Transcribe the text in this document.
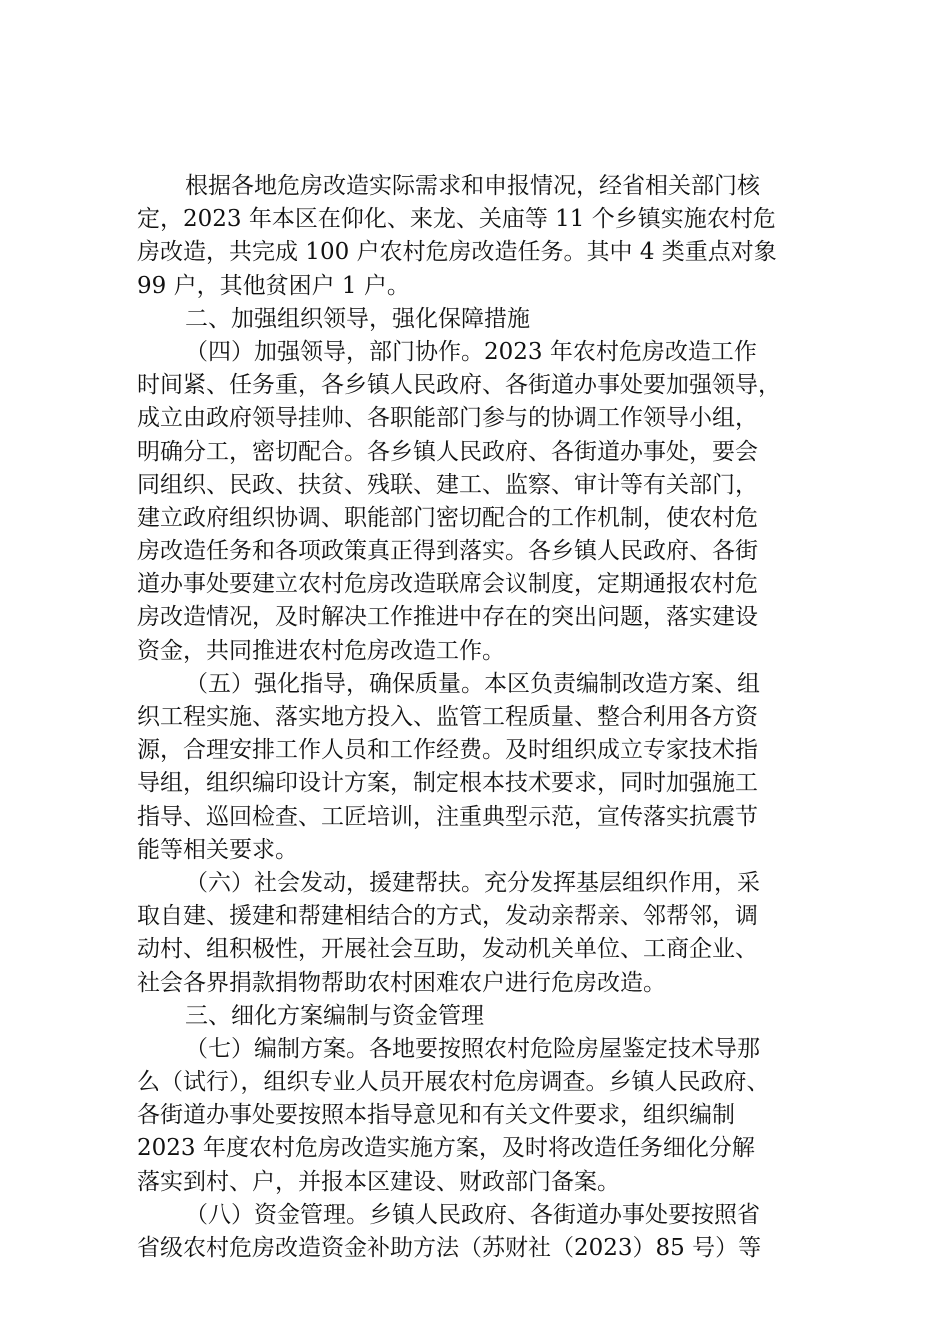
根据各地危房改造实际需求和申报情况，经省相关部门核
定，2023 年本区在仰化、来龙、关庙等 11 个乡镇实施农村危
房改造，共完成 100 户农村危房改造任务。其中 4 类重点对象
99 户，其他贫困户 1 户。
二、加强组织领导，强化保障措施
（四）加强领导，部门协作。2023 年农村危房改造工作
时间紧、任务重，各乡镇人民政府、各街道办事处要加强领导，
成立由政府领导挂帅、各职能部门参与的协调工作领导小组，
明确分工，密切配合。各乡镇人民政府、各街道办事处，要会
同组织、民政、扶贫、残联、建工、监察、审计等有关部门，
建立政府组织协调、职能部门密切配合的工作机制，使农村危
房改造任务和各项政策真正得到落实。各乡镇人民政府、各街
道办事处要建立农村危房改造联席会议制度，定期通报农村危
房改造情况，及时解决工作推进中存在的突出问题，落实建设
资金，共同推进农村危房改造工作。
（五）强化指导，确保质量。本区负责编制改造方案、组
织工程实施、落实地方投入、监管工程质量、整合利用各方资
源，合理安排工作人员和工作经费。及时组织成立专家技术指
导组，组织编印设计方案，制定根本技术要求，同时加强施工
指导、巡回检查、工匠培训，注重典型示范，宣传落实抗震节
能等相关要求。
（六）社会发动，援建帮扶。充分发挥基层组织作用，采
取自建、援建和帮建相结合的方式，发动亲帮亲、邻帮邻，调
动村、组积极性，开展社会互助，发动机关单位、工商企业、
社会各界捐款捐物帮助农村困难农户进行危房改造。
三、细化方案编制与资金管理
（七）编制方案。各地要按照农村危险房屋鉴定技术导那
么（试行），组织专业人员开展农村危房调查。乡镇人民政府、
各街道办事处要按照本指导意见和有关文件要求，组织编制
2023 年度农村危房改造实施方案，及时将改造任务细化分解
落实到村、户，并报本区建设、财政部门备案。
（八）资金管理。乡镇人民政府、各街道办事处要按照省
省级农村危房改造资金补助方法（苏财社（2023）85 号）等
